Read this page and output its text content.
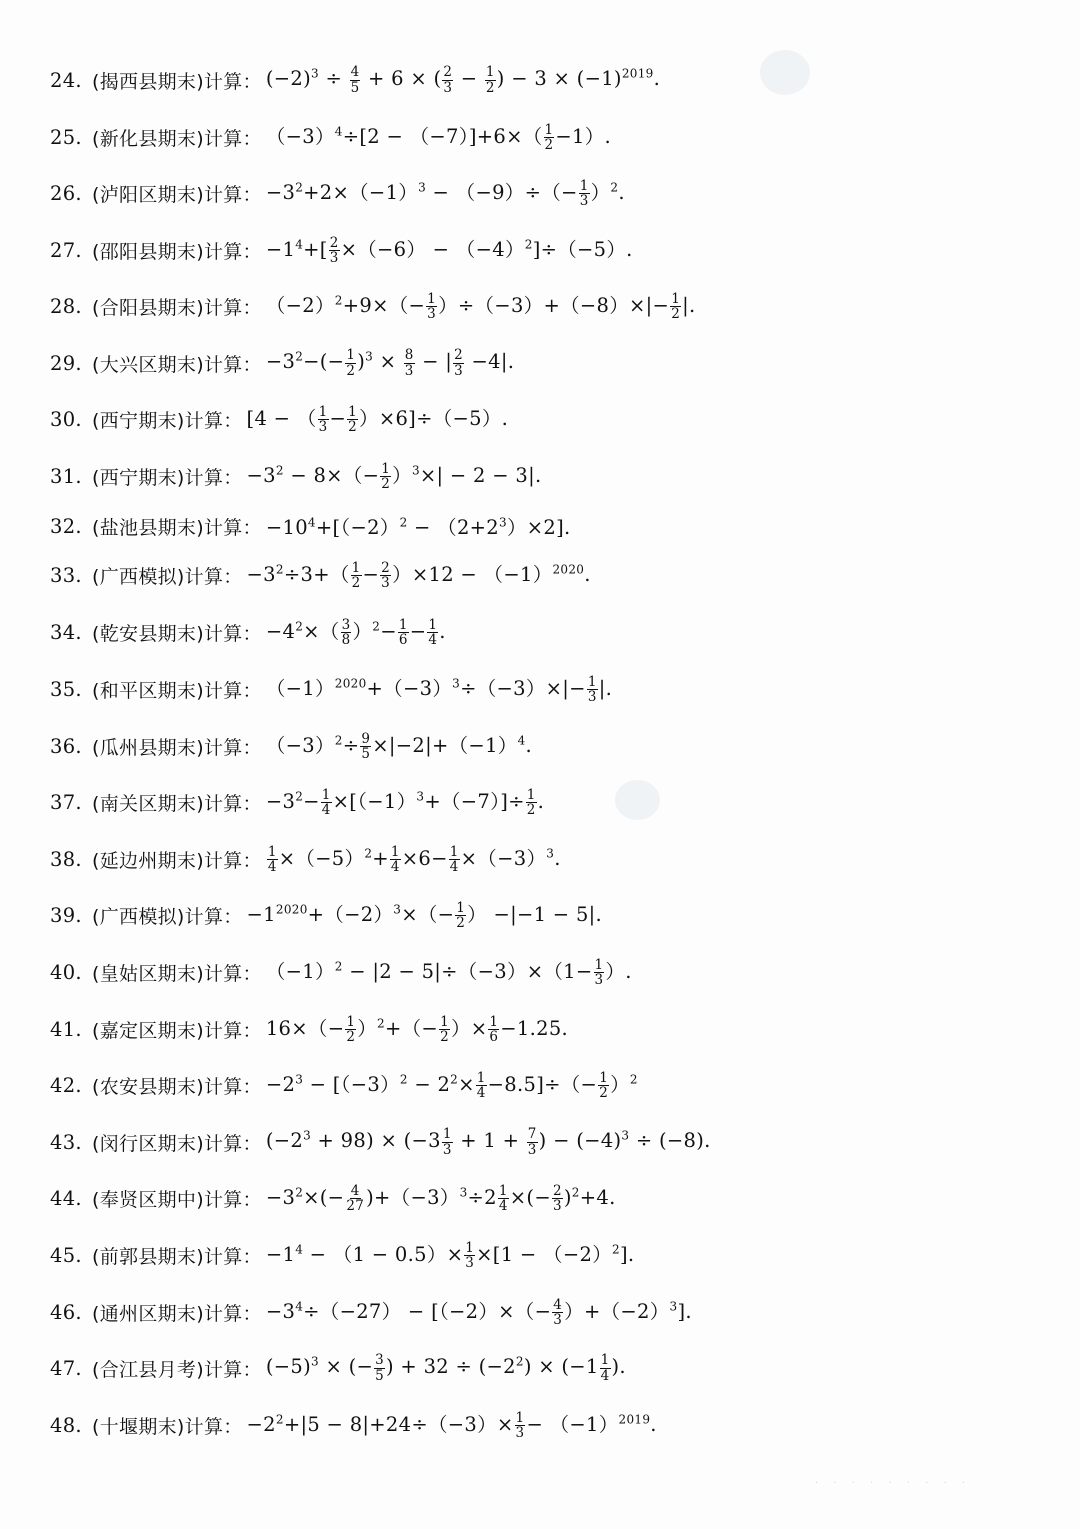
24. (揭西县期末) 计算： $(-2)^3 \div \frac{4}{5} + 6$ × ( $\frac{2}{3} - \frac{1}{2}$ ) − $3 \times (-1)^{2019}$.
25. (新化县期末) 计算： $(-3)^4\div[2 - (-7)]+6\times( \frac{1}{2} -1)$.
26. (泸阳区期末) 计算： $-3^2+2\times(-1)^3 - (-9)\div(- \frac{1}{3} )^2$.
27. (邵阳县期末) 计算： $-1^4+[ \frac{2}{3} \times(-6) - (-4)^2]\div(-5)$.
28. (合阳县期末) 计算： $(-2)^2+9\times(- \frac{1}{3} )\div(-3)+(-8)\times|- \frac{1}{2}$ |.
29. (大兴区期末) 计算： $-3^2-(- \frac{1}{2} )^3 \times \frac{8}{3}$ − | $\frac{2}{3} -4|$.
30. (西宁期末) 计算： [4 − （ $\frac{1}{3} - \frac{1}{2} )\times 6]\div(-5)$.
31. (西宁期末) 计算： $-3^2 - 8\times(- \frac{1}{2} )^3\times| - 2 - 3|$.
32. (盐池县期末) 计算： $-10^4+[(-2)^2 - (2+2^3)\times 2]$.
33. (广西模拟) 计算： $-3^2\div 3+( \frac{1}{2} - \frac{2}{3} )\times 12 - (-1)^{2020}$.
34. (乾安县期末) 计算： $-4^2\times( \frac{3}{8} )^2- \frac{1}{6} - \frac{1}{4}$ .
35. (和平区期末) 计算： $(-1)^{2020}+(-3)^3\div(-3)\times|- \frac{1}{3}$ |.
36. (瓜州县期末) 计算： $(-3)^2\div \frac{9}{5} \times|-2|+(-1)^4$.
37. (南关区期末) 计算： $-3^2- \frac{1}{4} \times[(-1)^3+(-7)]\div \frac{1}{2}$ .
38. (延边州期末) 计算： $\frac{1}{4} \times(-5)^2+ \frac{1}{4} \times 6- \frac{1}{4} \times(-3)^3$.
39. (广西模拟) 计算： $-1^{2020}+(-2)^3\times(- \frac{1}{2}$ ） −|−1 − 5|.
40. (皇姑区期末) 计算： $(-1)^2 - |2 - 5|\div(-3)\times(1- \frac{1}{3}$ ）.
41. (嘉定区期末) 计算： $16\times(- \frac{1}{2} )^2+(- \frac{1}{2}$ ）× $\frac{1}{6} -1.25$.
42. (农安县期末) 计算： $-2^3 - [(-3)^2 - 2^2\times \frac{1}{4} -8.5]\div(- \frac{1}{2} )^2$
43. (闵行区期末) 计算： $(-2^3 + 98) \times (-3 \frac{1}{3} + 1 + \frac{7}{3}$ ) − $(-4)^3 \div (-8)$.
44. (奉贤区期中) 计算： $-3^2\times(- \frac{4}{27} )+(-3)^3\div 2 \frac{1}{4}$ ×(− $\frac{2}{3} )^2+4$.
45. (前郭县期末) 计算： $-1^4 - (1 - 0.5)\times \frac{1}{3} \times[1 - (-2)^2]$.
46. (通州区期末) 计算： $-3^4\div(-27) - [(-2)\times(- \frac{4}{3} )+(-2)^3]$.
47. (合江县月考) 计算： $(-5)^3$ × (− $\frac{3}{5}$ ) + $32 \div (-2^2) \times (-1 \frac{1}{4}$ ).
48. (十堰期末) 计算： $-2^2+|5 - 8|+24\div(-3)\times \frac{1}{3} - (-1)^{2019}$.
· · · · · · · · ·
